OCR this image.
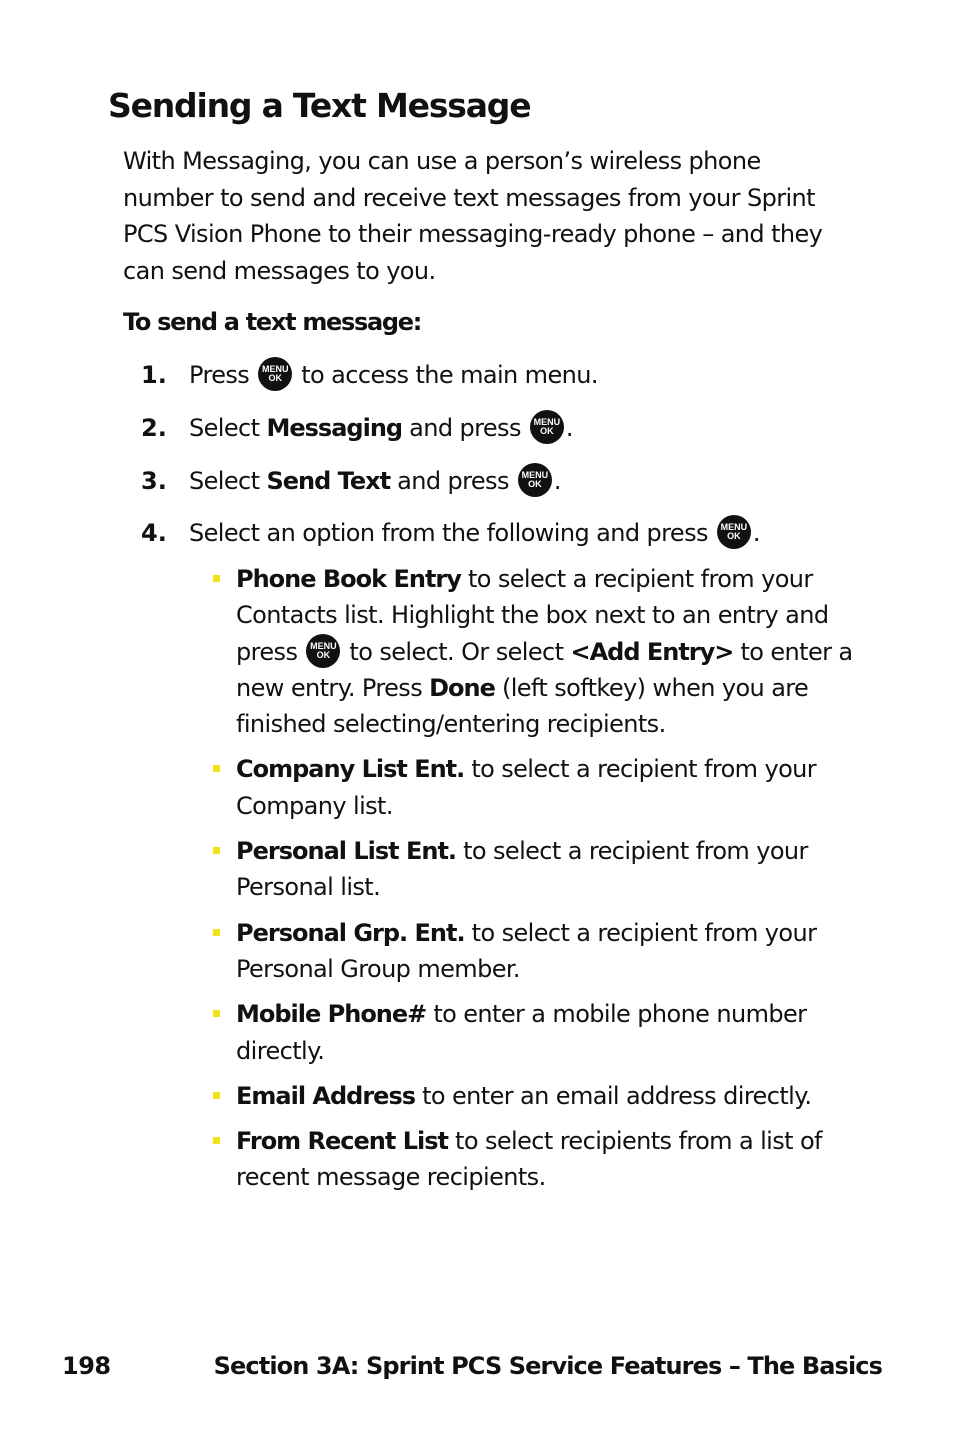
Sending a Text Message

With Messaging, you can use a person’s wireless phone number to send and receive text messages from your Sprint PCS Vision Phone to their messaging-ready phone – and they can send messages to you.

To send a text message:

1. Press	MENU
OK to access the main menu.
2. Select Messaging and press	MENU
OK .
3. Select Send Text and press	MENU
OK .
4. Select an option from the following and press	MENU
OK .
Phone Book Entry to select a recipient from your Contacts list. Highlight the box next to an entry and press	MENU
OK to select. Or select <Add Entry> to enter a new entry. Press Done (left softkey) when you are finished selecting/entering recipients.
Company List Ent. to select a recipient from your Company list.
Personal List Ent. to select a recipient from your Personal list.
Personal Grp. Ent. to select a recipient from your Personal Group member.
Mobile Phone# to enter a mobile phone number directly.
Email Address to enter an email address directly.
From Recent List to select recipients from a list of recent message recipients.
198	Section 3A: Sprint PCS Service Features – The Basics
